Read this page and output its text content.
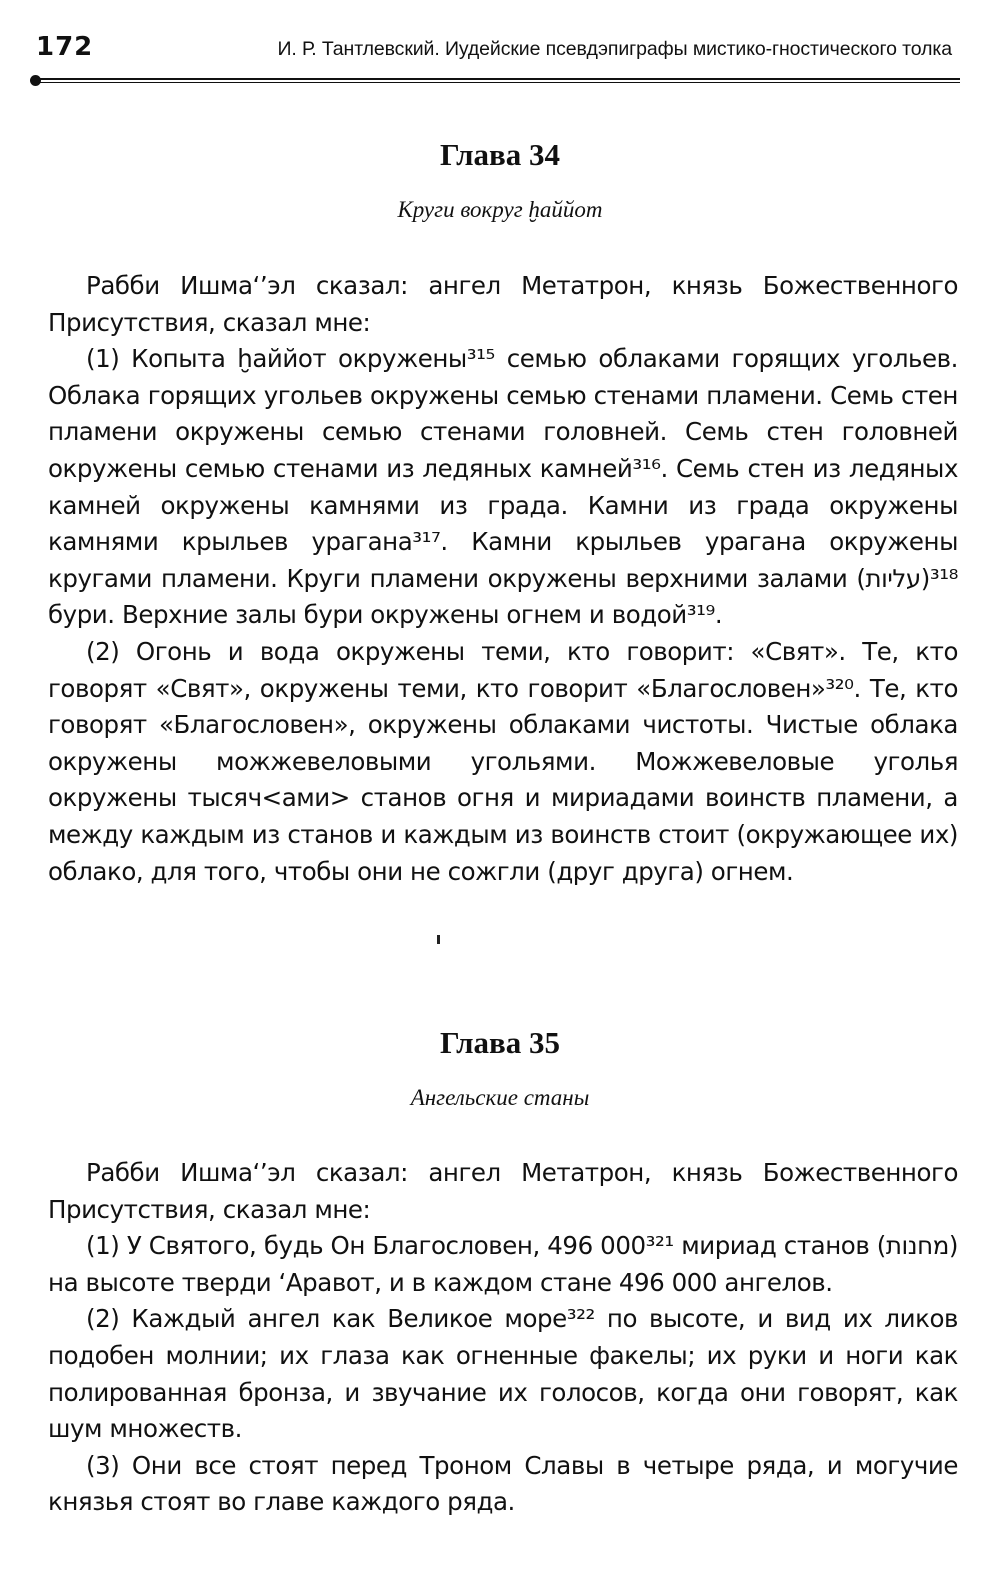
172	И. Р. Тантлевский. Иудейские псевдэпиграфы мистико-гностического толка
Глава 34
Круги вокруг ḫаййот

Рабби Ишма‘’эл сказал: ангел Метатрон, князь Божественного Присутствия, сказал мне:

(1) Копыта ḫаййот окружены³¹⁵ семью облаками горящих угольев. Облака горящих угольев окружены семью стенами пламени. Семь стен пламени окружены семью стенами головней. Семь стен головней окружены семью стенами из ледяных камней³¹⁶. Семь стен из ледяных камней окружены камнями из града. Камни из града окружены камнями крыльев урагана³¹⁷. Камни крыльев урагана окружены кругами пламени. Круги пламени окружены верхними залами (עליות)³¹⁸ бури. Верхние залы бури окружены огнем и водой³¹⁹.

(2) Огонь и вода окружены теми, кто говорит: «Свят». Те, кто говорят «Свят», окружены теми, кто говорит «Благословен»³²⁰. Те, кто говорят «Благословен», окружены облаками чистоты. Чистые облака окружены можжевеловыми угольями. Можжевеловые уголья окружены тысяч<ами> станов огня и мириадами воинств пламени, а между каждым из станов и каждым из воинств стоит (окружающее их) облако, для того, чтобы они не сожгли (друг друга) огнем.

Глава 35
Ангельские станы

Рабби Ишма‘’эл сказал: ангел Метатрон, князь Божественного Присутствия, сказал мне:

(1) У Святого, будь Он Благословен, 496 000³²¹ мириад станов (מחנות) на высоте тверди ‘Аравот, и в каждом стане 496 000 ангелов.

(2) Каждый ангел как Великое море³²² по высоте, и вид их ликов подобен молнии; их глаза как огненные факелы; их руки и ноги как полированная бронза, и звучание их голосов, когда они говорят, как шум множеств.

(3) Они все стоят перед Троном Славы в четыре ряда, и могучие князья стоят во главе каждого ряда.
